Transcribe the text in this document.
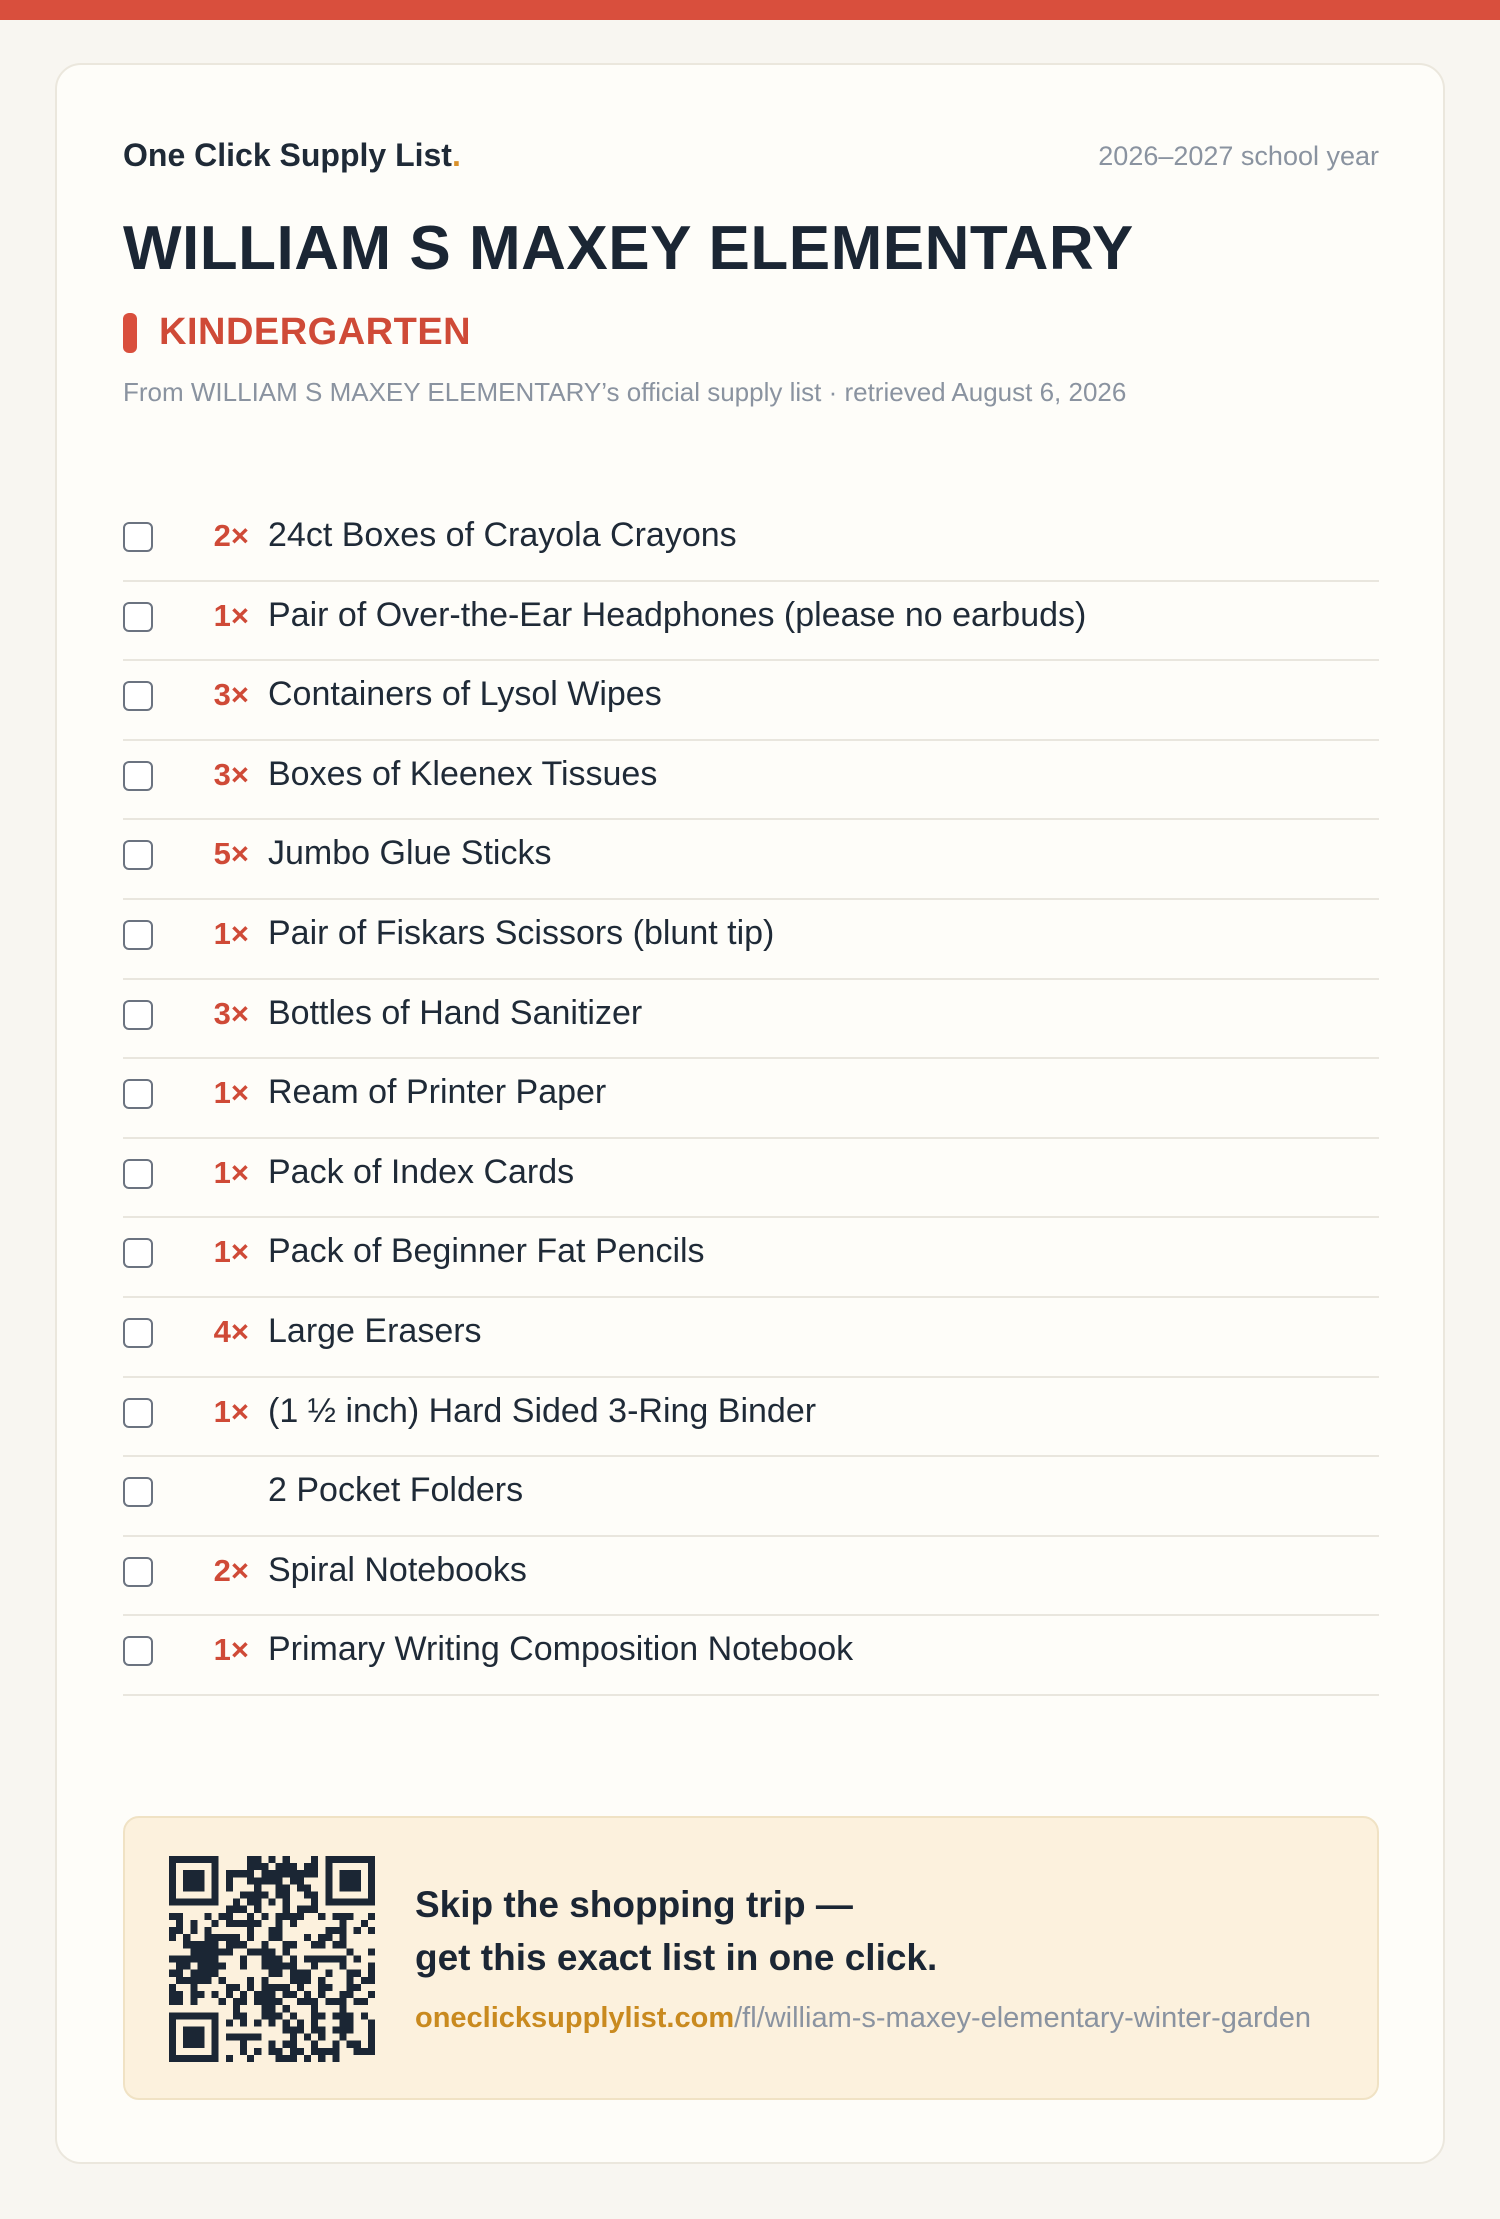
One Click Supply List.	2026–2027 school year
WILLIAM S MAXEY ELEMENTARY
KINDERGARTEN
From WILLIAM S MAXEY ELEMENTARY’s official supply list · retrieved August 6, 2026
2× 24ct Boxes of Crayola Crayons
1× Pair of Over-the-Ear Headphones (please no earbuds)
3× Containers of Lysol Wipes
3× Boxes of Kleenex Tissues
5× Jumbo Glue Sticks
1× Pair of Fiskars Scissors (blunt tip)
3× Bottles of Hand Sanitizer
1× Ream of Printer Paper
1× Pack of Index Cards
1× Pack of Beginner Fat Pencils
4× Large Erasers
1× (1 ½ inch) Hard Sided 3-Ring Binder
2 Pocket Folders
2× Spiral Notebooks
1× Primary Writing Composition Notebook
Skip the shopping trip —
get this exact list in one click.
oneclicksupplylist.com/fl/william-s-maxey-elementary-winter-garden
